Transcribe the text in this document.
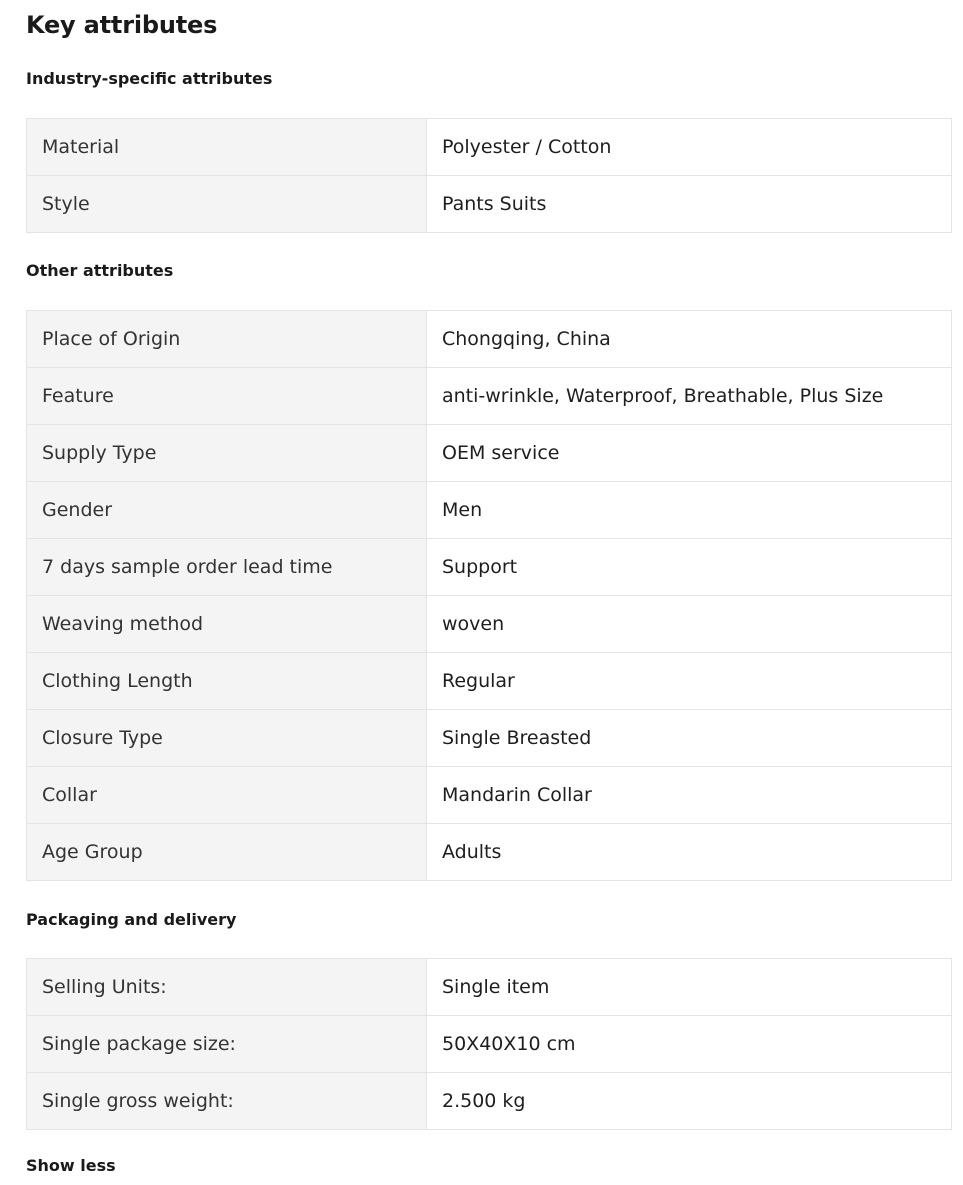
Key attributes
Industry-specific attributes
Material	Polyester / Cotton
Style	Pants Suits
Other attributes
Place of Origin	Chongqing, China
Feature	anti-wrinkle, Waterproof, Breathable, Plus Size
Supply Type	OEM service
Gender	Men
7 days sample order lead time	Support
Weaving method	woven
Clothing Length	Regular
Closure Type	Single Breasted
Collar	Mandarin Collar
Age Group	Adults
Packaging and delivery
Selling Units:	Single item
Single package size:	50X40X10 cm
Single gross weight:	2.500 kg
Show less
